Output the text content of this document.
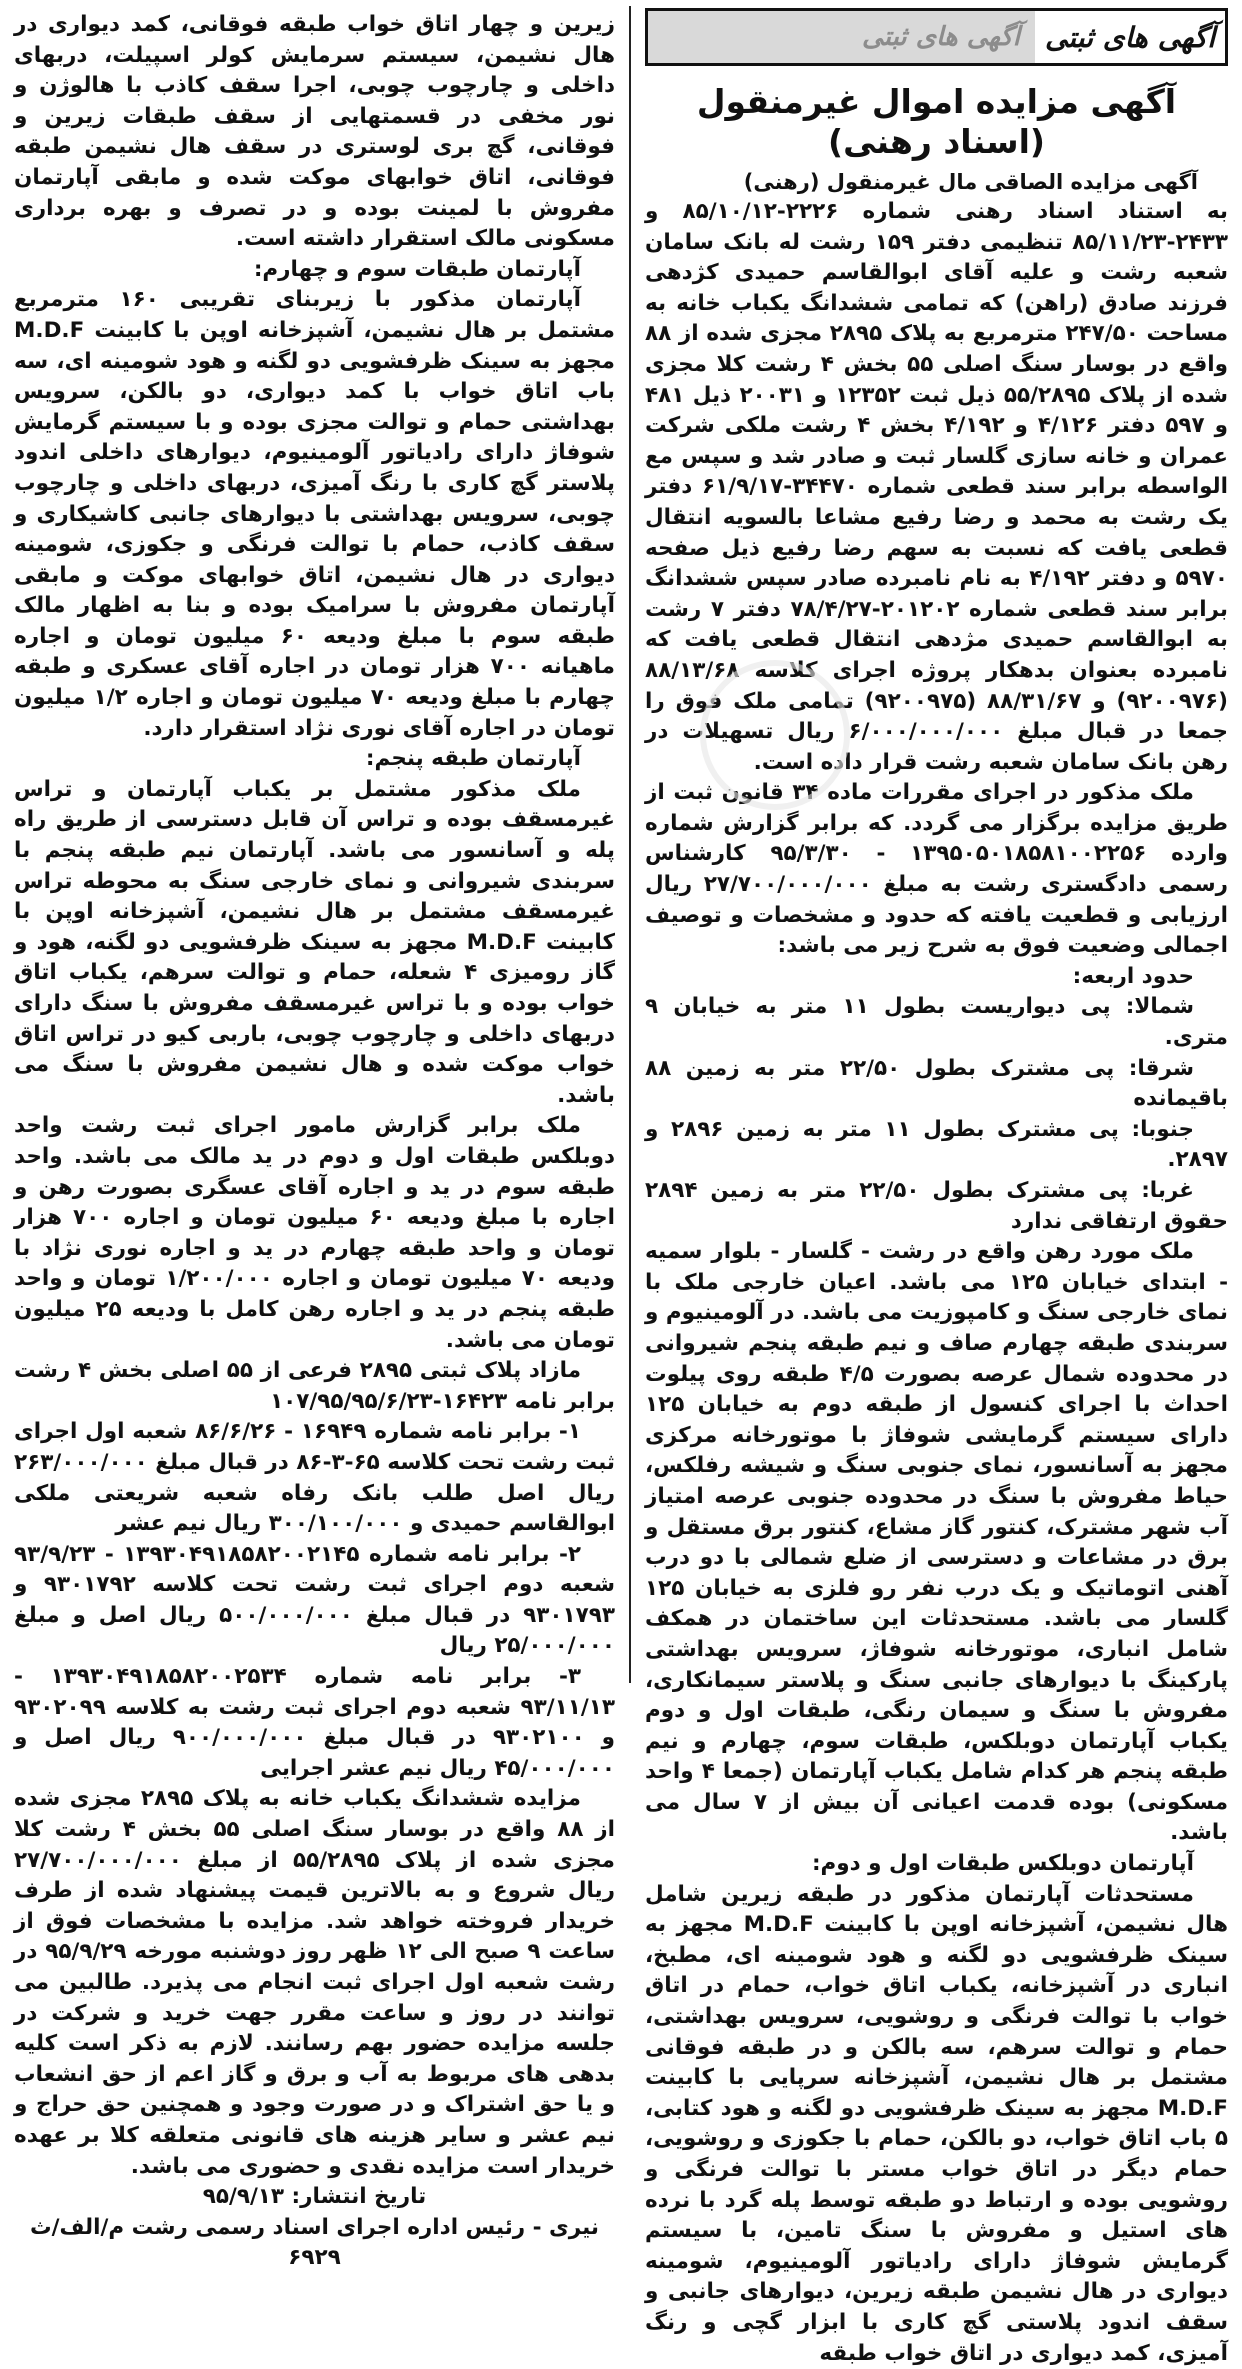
آگهی های ثبتی
آگهی های ثبتی
آگهی مزایده اموال غیرمنقول (اسناد رهنی)
آگهی مزایده الصاقی مال غیرمنقول (رهنی)

به استناد اسناد رهنی شماره ۲۲۲۶-۸۵/۱۰/۱۲ و ۲۴۳۳-۸۵/۱۱/۲۳ تنظیمی دفتر ۱۵۹ رشت له بانک سامان شعبه رشت و علیه آقای ابوالقاسم حمیدی کژدهی فرزند صادق (راهن) که تمامی ششدانگ یکباب خانه به مساحت ۲۴۷/۵۰ مترمربع به پلاک ۲۸۹۵ مجزی شده از ۸۸ واقع در بوسار سنگ اصلی ۵۵ بخش ۴ رشت کلا مجزی شده از پلاک ۵۵/۲۸۹۵ ذیل ثبت ۱۲۳۵۲ و ۲۰۰۳۱ ذیل ۴۸۱ و ۵۹۷ دفتر ۴/۱۲۶ و ۴/۱۹۲ بخش ۴ رشت ملکی شرکت عمران و خانه سازی گلسار ثبت و صادر شد و سپس مع الواسطه برابر سند قطعی شماره ۳۴۴۷۰-۶۱/۹/۱۷ دفتر یک رشت به محمد و رضا رفیع مشاعا بالسویه انتقال قطعی یافت که نسبت به سهم رضا رفیع ذیل صفحه ۵۹۷۰ و دفتر ۴/۱۹۲ به نام نامبرده صادر سپس ششدانگ برابر سند قطعی شماره ۲۰۱۲۰۲-۷۸/۴/۲۷ دفتر ۷ رشت به ابوالقاسم حمیدی مژدهی انتقال قطعی یافت که نامبرده بعنوان بدهکار پروژه اجرای کلاسه ۸۸/۱۳/۶۸ (۹۲۰۰۹۷۶) و ۸۸/۳۱/۶۷ (۹۲۰۰۹۷۵) تمامی ملک فوق را جمعا در قبال مبلغ ۶/۰۰۰/۰۰۰/۰۰۰ ریال تسهیلات در رهن بانک سامان شعبه رشت قرار داده است.

ملک مذکور در اجرای مقررات ماده ۳۴ قانون ثبت از طریق مزایده برگزار می گردد. که برابر گزارش شماره وارده ۱۳۹۵۰۵۰۱۸۵۸۱۰۰۲۲۵۶ - ۹۵/۳/۳۰ کارشناس رسمی دادگستری رشت به مبلغ ۲۷/۷۰۰/۰۰۰/۰۰۰ ریال ارزیابی و قطعیت یافته که حدود و مشخصات و توصیف اجمالی وضعیت فوق به شرح زیر می باشد:

حدود اربعه:

شمالا: پی دیواریست بطول ۱۱ متر به خیابان ۹ متری.

شرقا: پی مشترک بطول ۲۲/۵۰ متر به زمین ۸۸ باقیمانده

جنوبا: پی مشترک بطول ۱۱ متر به زمین ۲۸۹۶ و ۲۸۹۷.

غربا: پی مشترک بطول ۲۲/۵۰ متر به زمین ۲۸۹۴ حقوق ارتفاقی ندارد

ملک مورد رهن واقع در رشت - گلسار - بلوار سمیه - ابتدای خیابان ۱۲۵ می باشد. اعیان خارجی ملک با نمای خارجی سنگ و کامپوزیت می باشد. در آلومینیوم و سربندی طبقه چهارم صاف و نیم طبقه پنجم شیروانی در محدوده شمال عرصه بصورت ۴/۵ طبقه روی پیلوت احداث با اجرای کنسول از طبقه دوم به خیابان ۱۲۵ دارای سیستم گرمایشی شوفاژ با موتورخانه مرکزی مجهز به آسانسور، نمای جنوبی سنگ و شیشه رفلکس، حیاط مفروش با سنگ در محدوده جنوبی عرصه امتیاز آب شهر مشترک، کنتور گاز مشاع، کنتور برق مستقل و برق در مشاعات و دسترسی از ضلع شمالی با دو درب آهنی اتوماتیک و یک درب نفر رو فلزی به خیابان ۱۲۵ گلسار می باشد. مستحدثات این ساختمان در همکف شامل انباری، موتورخانه شوفاژ، سرویس بهداشتی پارکینگ با دیوارهای جانبی سنگ و پلاستر سیمانکاری، مفروش با سنگ و سیمان رنگی، طبقات اول و دوم یکباب آپارتمان دوبلکس، طبقات سوم، چهارم و نیم طبقه پنجم هر کدام شامل یکباب آپارتمان (جمعا ۴ واحد مسکونی) بوده قدمت اعیانی آن بیش از ۷ سال می باشد.

آپارتمان دوبلکس طبقات اول و دوم:

مستحدثات آپارتمان مذکور در طبقه زیرین شامل هال نشیمن، آشپزخانه اوپن با کابینت M.D.F مجهز به سینک ظرفشویی دو لگنه و هود شومینه ای، مطبخ، انباری در آشپزخانه، یکباب اتاق خواب، حمام در اتاق خواب با توالت فرنگی و روشویی، سرویس بهداشتی، حمام و توالت سرهم، سه بالکن و در طبقه فوقانی مشتمل بر هال نشیمن، آشپزخانه سرپایی با کابینت M.D.F مجهز به سینک ظرفشویی دو لگنه و هود کتابی، ۵ باب اتاق خواب، دو بالکن، حمام با جکوزی و روشویی، حمام دیگر در اتاق خواب مستر با توالت فرنگی و روشویی بوده و ارتباط دو طبقه توسط پله گرد با نرده های استیل و مفروش با سنگ تامین، با سیستم گرمایش شوفاژ دارای رادیاتور آلومینیوم، شومینه دیواری در هال نشیمن طبقه زیرین، دیوارهای جانبی و سقف اندود پلاستی گچ کاری با ابزار گچی و رنگ آمیزی، کمد دیواری در اتاق خواب طبقه

زیرین و چهار اتاق خواب طبقه فوقانی، کمد دیواری در هال نشیمن، سیستم سرمایش کولر اسپیلت، دربهای داخلی و چارچوب چوبی، اجرا سقف کاذب با هالوژن و نور مخفی در قسمتهایی از سقف طبقات زیرین و فوقانی، گچ بری لوستری در سقف هال نشیمن طبقه فوقانی، اتاق خوابهای موکت شده و مابقی آپارتمان مفروش با لمینت بوده و در تصرف و بهره برداری مسکونی مالک استقرار داشته است.

آپارتمان طبقات سوم و چهارم:

آپارتمان مذکور با زیربنای تقریبی ۱۶۰ مترمربع مشتمل بر هال نشیمن، آشپزخانه اوپن با کابینت M.D.F مجهز به سینک ظرفشویی دو لگنه و هود شومینه ای، سه باب اتاق خواب با کمد دیواری، دو بالکن، سرویس بهداشتی حمام و توالت مجزی بوده و با سیستم گرمایش شوفاژ دارای رادیاتور آلومینیوم، دیوارهای داخلی اندود پلاستر گچ کاری با رنگ آمیزی، دربهای داخلی و چارچوب چوبی، سرویس بهداشتی با دیوارهای جانبی کاشیکاری و سقف کاذب، حمام با توالت فرنگی و جکوزی، شومینه دیواری در هال نشیمن، اتاق خوابهای موکت و مابقی آپارتمان مفروش با سرامیک بوده و بنا به اظهار مالک طبقه سوم با مبلغ ودیعه ۶۰ میلیون تومان و اجاره ماهیانه ۷۰۰ هزار تومان در اجاره آقای عسکری و طبقه چهارم با مبلغ ودیعه ۷۰ میلیون تومان و اجاره ۱/۲ میلیون تومان در اجاره آقای نوری نژاد استقرار دارد.

آپارتمان طبقه پنجم:

ملک مذکور مشتمل بر یکباب آپارتمان و تراس غیرمسقف بوده و تراس آن قابل دسترسی از طریق راه پله و آسانسور می باشد. آپارتمان نیم طبقه پنجم با سربندی شیروانی و نمای خارجی سنگ به محوطه تراس غیرمسقف مشتمل بر هال نشیمن، آشپزخانه اوپن با کابینت M.D.F مجهز به سینک ظرفشویی دو لگنه، هود و گاز رومیزی ۴ شعله، حمام و توالت سرهم، یکباب اتاق خواب بوده و با تراس غیرمسقف مفروش با سنگ دارای دربهای داخلی و چارچوب چوبی، باربی کیو در تراس اتاق خواب موکت شده و هال نشیمن مفروش با سنگ می باشد.

ملک برابر گزارش مامور اجرای ثبت رشت واحد دوبلکس طبقات اول و دوم در ید مالک می باشد. واحد طبقه سوم در ید و اجاره آقای عسگری بصورت رهن و اجاره با مبلغ ودیعه ۶۰ میلیون تومان و اجاره ۷۰۰ هزار تومان و واحد طبقه چهارم در ید و اجاره نوری نژاد با ودیعه ۷۰ میلیون تومان و اجاره ۱/۲۰۰/۰۰۰ تومان و واحد طبقه پنجم در ید و اجاره رهن کامل با ودیعه ۲۵ میلیون تومان می باشد.

مازاد پلاک ثبتی ۲۸۹۵ فرعی از ۵۵ اصلی بخش ۴ رشت برابر نامه ۱۶۴۲۳-۱۰۷/۹۵/۹۵/۶/۲۳

۱- برابر نامه شماره ۱۶۹۴۹ - ۸۶/۶/۲۶ شعبه اول اجرای ثبت رشت تحت کلاسه ۶۵-۳-۸۶ در قبال مبلغ ۲۶۳/۰۰۰/۰۰۰ ریال اصل طلب بانک رفاه شعبه شریعتی ملکی ابوالقاسم حمیدی و ۳۰۰/۱۰۰/۰۰۰ ریال نیم عشر

۲- برابر نامه شماره ۱۳۹۳۰۴۹۱۸۵۸۲۰۰۲۱۴۵ - ۹۳/۹/۲۳ شعبه دوم اجرای ثبت رشت تحت کلاسه ۹۳۰۱۷۹۲ و ۹۳۰۱۷۹۳ در قبال مبلغ ۵۰۰/۰۰۰/۰۰۰ ریال اصل و مبلغ ۲۵/۰۰۰/۰۰۰ ریال

۳- برابر نامه شماره ۱۳۹۳۰۴۹۱۸۵۸۲۰۰۲۵۳۴ - ۹۳/۱۱/۱۳ شعبه دوم اجرای ثبت رشت به کلاسه ۹۳۰۲۰۹۹ و ۹۳۰۲۱۰۰ در قبال مبلغ ۹۰۰/۰۰۰/۰۰۰ ریال اصل و ۴۵/۰۰۰/۰۰۰ ریال نیم عشر اجرایی

مزایده ششدانگ یکباب خانه به پلاک ۲۸۹۵ مجزی شده از ۸۸ واقع در بوسار سنگ اصلی ۵۵ بخش ۴ رشت کلا مجزی شده از پلاک ۵۵/۲۸۹۵ از مبلغ ۲۷/۷۰۰/۰۰۰/۰۰۰ ریال شروع و به بالاترین قیمت پیشنهاد شده از طرف خریدار فروخته خواهد شد. مزایده با مشخصات فوق از ساعت ۹ صبح الی ۱۲ ظهر روز دوشنبه مورخه ۹۵/۹/۲۹ در رشت شعبه اول اجرای ثبت انجام می پذیرد. طالبین می توانند در روز و ساعت مقرر جهت خرید و شرکت در جلسه مزایده حضور بهم رسانند. لازم به ذکر است کلیه بدهی های مربوط به آب و برق و گاز اعم از حق انشعاب و یا حق اشتراک و در صورت وجود و همچنین حق حراج و نیم عشر و سایر هزینه های قانونی متعلقه کلا بر عهده خریدار است مزایده نقدی و حضوری می باشد.

تاریخ انتشار: ۹۵/۹/۱۳

نیری - رئیس اداره اجرای اسناد رسمی رشت م/الف/ث ۶۹۲۹
